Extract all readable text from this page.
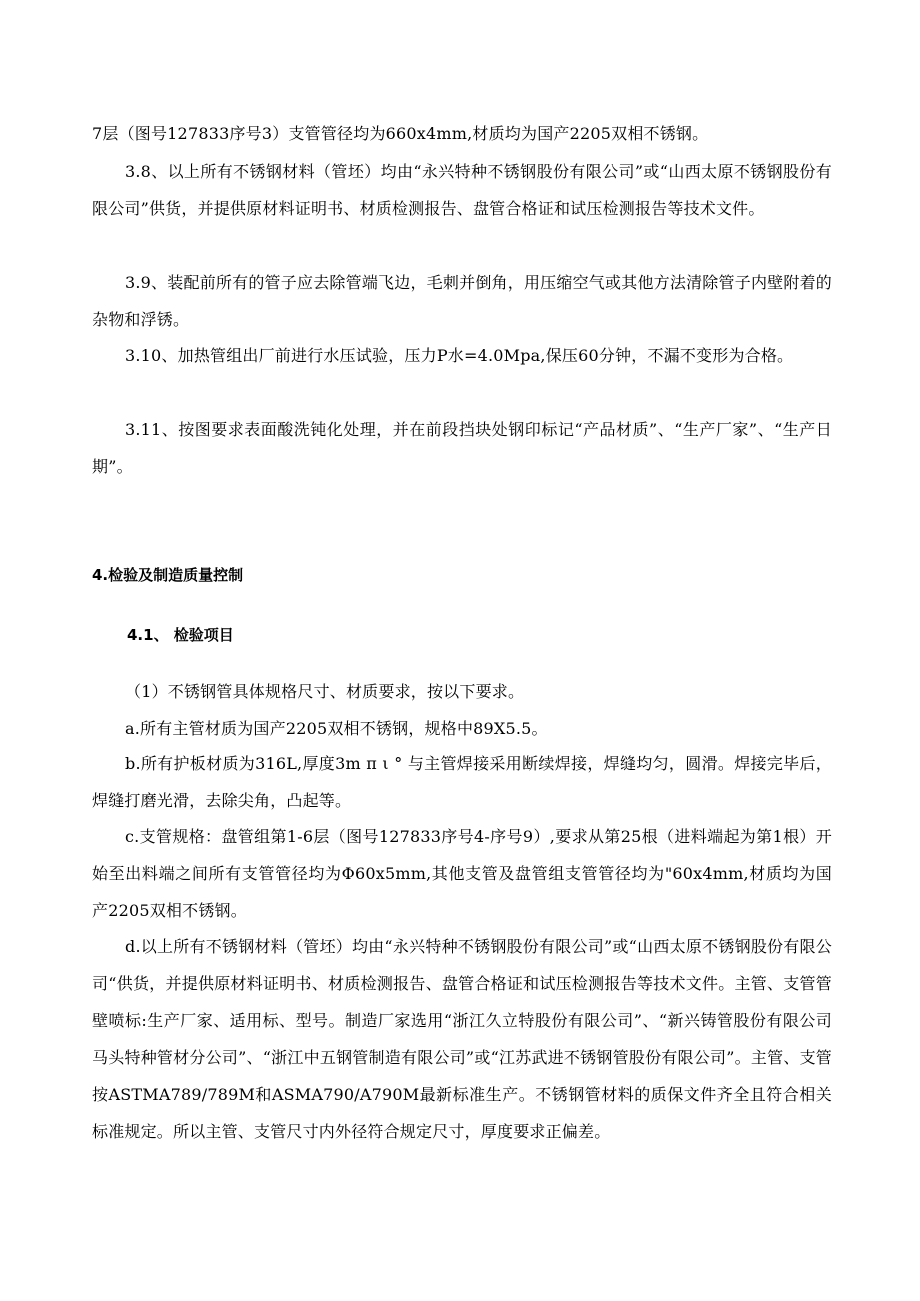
7层（图号127833序号3）支管管径均为660x4mm,材质均为国产2205双相不锈钢。

3.8、以上所有不锈钢材料（管坯）均由“永兴特种不锈钢股份有限公司”或“山西太原不锈钢股份有限公司”供货，并提供原材料证明书、材质检测报告、盘管合格证和试压检测报告等技术文件。

3.9、装配前所有的管子应去除管端飞边，毛刺并倒角，用压缩空气或其他方法清除管子内壁附着的杂物和浮锈。

3.10、加热管组出厂前进行水压试验，压力P水=4.0Mpa,保压60分钟，不漏不变形为合格。

3.11、按图要求表面酸洗钝化处理，并在前段挡块处钢印标记“产品材质”、“生产厂家”、“生产日期”。

4.检验及制造质量控制
4.1、 检验项目

（1）不锈钢管具体规格尺寸、材质要求，按以下要求。

a.所有主管材质为国产2205双相不锈钢，规格中89X5.5。

b.所有护板材质为316L,厚度3m π ι ° 与主管焊接采用断续焊接，焊缝均匀，圆滑。焊接完毕后，焊缝打磨光滑，去除尖角，凸起等。

c.支管规格：盘管组第1-6层（图号127833序号4-序号9）,要求从第25根（进料端起为第1根）开始至出料端之间所有支管管径均为Φ60x5mm,其他支管及盘管组支管管径均为"60x4mm,材质均为国产2205双相不锈钢。

d.以上所有不锈钢材料（管坯）均由“永兴特种不锈钢股份有限公司”或“山西太原不锈钢股份有限公司“供货，并提供原材料证明书、材质检测报告、盘管合格证和试压检测报告等技术文件。主管、支管管壁喷标:生产厂家、适用标、型号。制造厂家选用“浙江久立特股份有限公司”、“新兴铸管股份有限公司马头特种管材分公司”、“浙江中五钢管制造有限公司”或“江苏武进不锈钢管股份有限公司”。主管、支管按ASTMA789/789M和ASMA790/A790M最新标准生产。不锈钢管材料的质保文件齐全且符合相关标准规定。所以主管、支管尺寸内外径符合规定尺寸，厚度要求正偏差。
